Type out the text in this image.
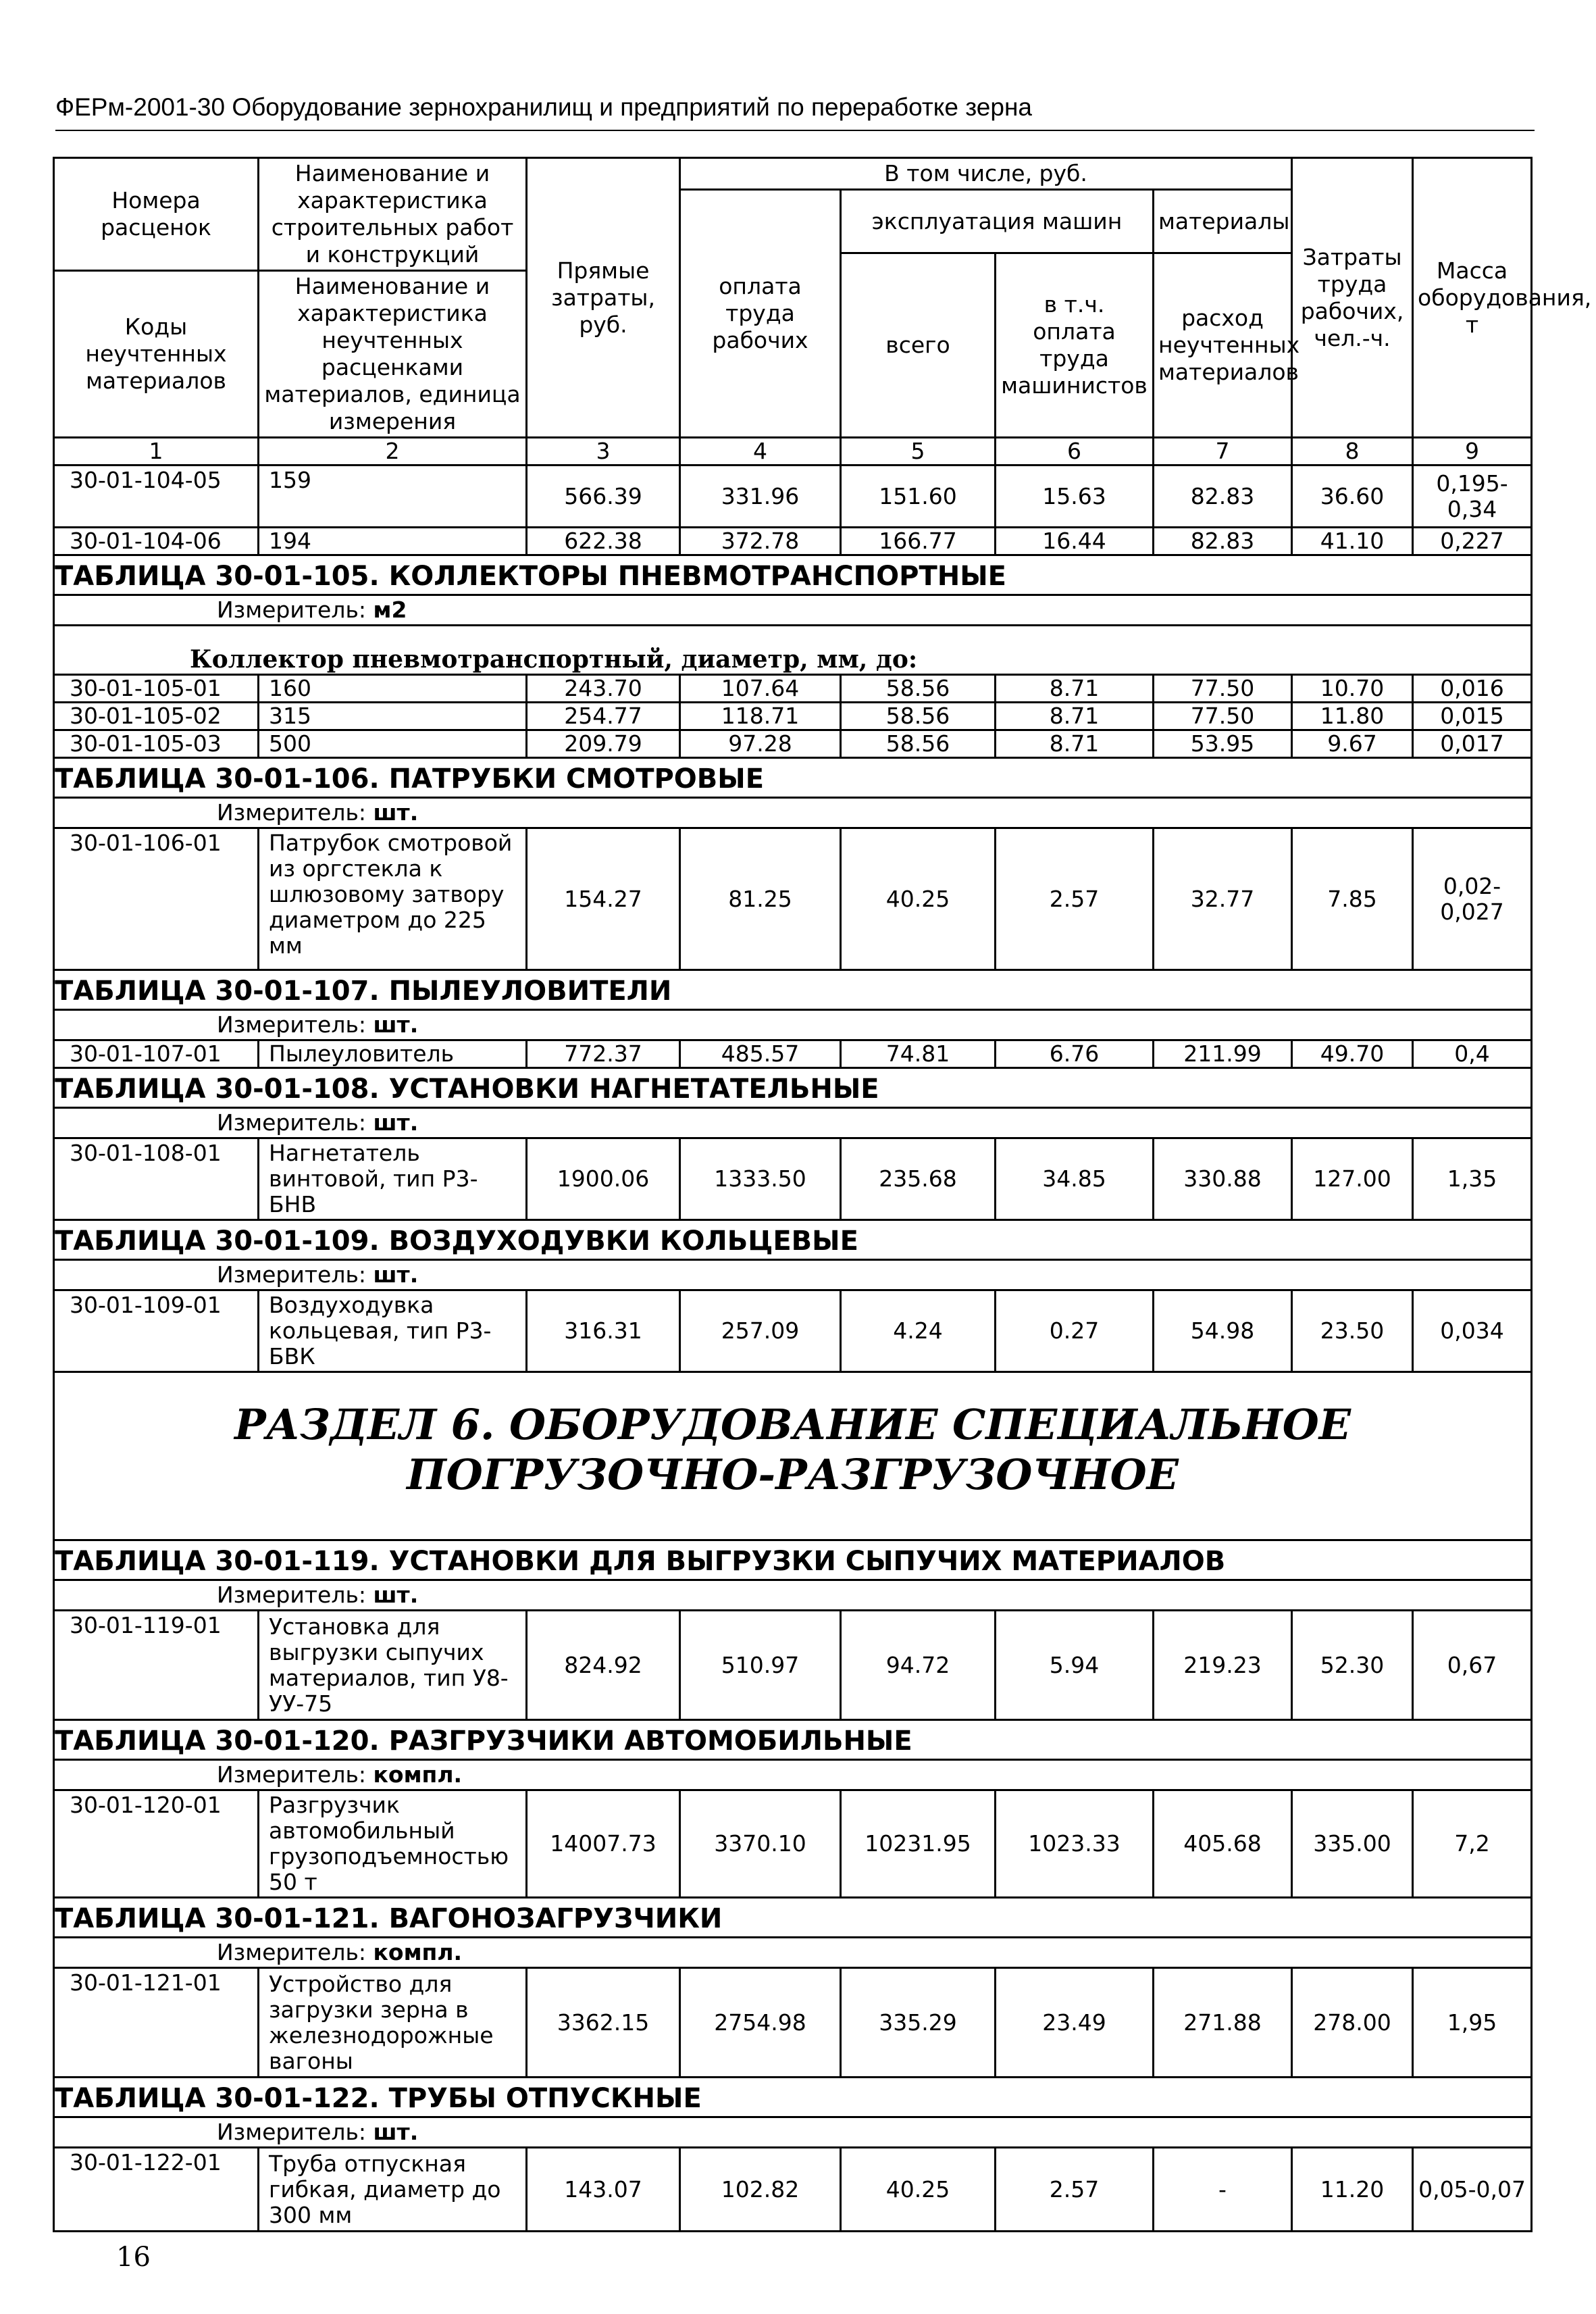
ФЕРм-2001-30 Оборудование зернохранилищ и предприятий по переработке зерна
Номера расценок	Наименование и характеристика строительных работ и конструкций	Прямые затраты, руб.	В том числе, руб.				Затраты труда рабочих, чел.-ч.	Масса оборудования, т
			оплата труда рабочих	эксплуатация машин		материалы		
				всего	в т.ч. оплата труда машинистов	расход неучтенных материалов		
Коды неучтенных материалов	Наименование и характеристика неучтенных расценками материалов, единица измерения							

1	2	3	4	5	6	7	8	9
30-01-104-05	159	566.39	331.96	151.60	15.63	82.83	36.60	0,195-0,34
30-01-104-06	194	622.38	372.78	166.77	16.44	82.83	41.10	0,227
ТАБЛИЦА 30-01-105. КОЛЛЕКТОРЫ ПНЕВМОТРАНСПОРТНЫЕ								
Измеритель: м2								
Коллектор пневмотранспортный, диаметр, мм, до:								
30-01-105-01	160	243.70	107.64	58.56	8.71	77.50	10.70	0,016
30-01-105-02	315	254.77	118.71	58.56	8.71	77.50	11.80	0,015
30-01-105-03	500	209.79	97.28	58.56	8.71	53.95	9.67	0,017
ТАБЛИЦА 30-01-106. ПАТРУБКИ СМОТРОВЫЕ								
Измеритель: шт.								
30-01-106-01	Патрубок смотровой из оргстекла к шлюзовому затвору диаметром до 225 мм	154.27	81.25	40.25	2.57	32.77	7.85	0,02-0,027
ТАБЛИЦА 30-01-107. ПЫЛЕУЛОВИТЕЛИ								
Измеритель: шт.								
30-01-107-01	Пылеуловитель	772.37	485.57	74.81	6.76	211.99	49.70	0,4
ТАБЛИЦА 30-01-108. УСТАНОВКИ НАГНЕТАТЕЛЬНЫЕ								
Измеритель: шт.								
30-01-108-01	Нагнетатель винтовой, тип Р3-БНВ	1900.06	1333.50	235.68	34.85	330.88	127.00	1,35
ТАБЛИЦА 30-01-109. ВОЗДУХОДУВКИ КОЛЬЦЕВЫЕ								
Измеритель: шт.								
30-01-109-01	Воздуходувка кольцевая, тип Р3-БВК	316.31	257.09	4.24	0.27	54.98	23.50	0,034
РАЗДЕЛ 6. ОБОРУДОВАНИЕ СПЕЦИАЛЬНОЕ ПОГРУЗОЧНО-РАЗГРУЗОЧНОЕ								
ТАБЛИЦА 30-01-119. УСТАНОВКИ ДЛЯ ВЫГРУЗКИ СЫПУЧИХ МАТЕРИАЛОВ								
Измеритель: шт.								
30-01-119-01	Установка для выгрузки сыпучих материалов, тип У8-УУ-75	824.92	510.97	94.72	5.94	219.23	52.30	0,67
ТАБЛИЦА 30-01-120. РАЗГРУЗЧИКИ АВТОМОБИЛЬНЫЕ								
Измеритель: компл.								
30-01-120-01	Разгрузчик автомобильный грузоподъемностью 50 т	14007.73	3370.10	10231.95	1023.33	405.68	335.00	7,2
ТАБЛИЦА 30-01-121. ВАГОНОЗАГРУЗЧИКИ								
Измеритель: компл.								
30-01-121-01	Устройство для загрузки зерна в железнодорожные вагоны	3362.15	2754.98	335.29	23.49	271.88	278.00	1,95
ТАБЛИЦА 30-01-122. ТРУБЫ ОТПУСКНЫЕ								
Измеритель: шт.								
30-01-122-01	Труба отпускная гибкая, диаметр до 300 мм	143.07	102.82	40.25	2.57	-	11.20	0,05-0,07
16
